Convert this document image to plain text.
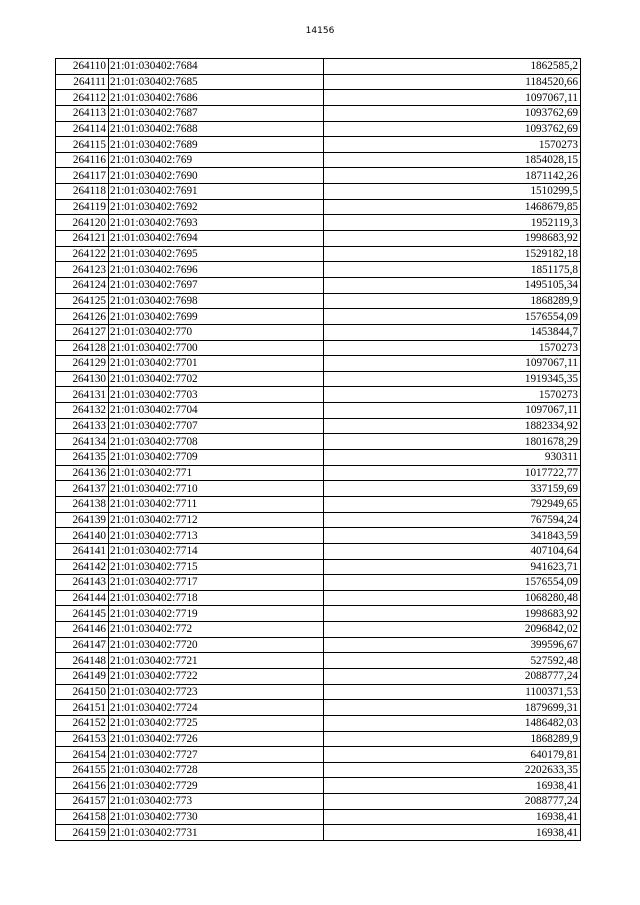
14156
264110	21:01:030402:7684	1862585,2
264111	21:01:030402:7685	1184520,66
264112	21:01:030402:7686	1097067,11
264113	21:01:030402:7687	1093762,69
264114	21:01:030402:7688	1093762,69
264115	21:01:030402:7689	1570273
264116	21:01:030402:769	1854028,15
264117	21:01:030402:7690	1871142,26
264118	21:01:030402:7691	1510299,5
264119	21:01:030402:7692	1468679,85
264120	21:01:030402:7693	1952119,3
264121	21:01:030402:7694	1998683,92
264122	21:01:030402:7695	1529182,18
264123	21:01:030402:7696	1851175,8
264124	21:01:030402:7697	1495105,34
264125	21:01:030402:7698	1868289,9
264126	21:01:030402:7699	1576554,09
264127	21:01:030402:770	1453844,7
264128	21:01:030402:7700	1570273
264129	21:01:030402:7701	1097067,11
264130	21:01:030402:7702	1919345,35
264131	21:01:030402:7703	1570273
264132	21:01:030402:7704	1097067,11
264133	21:01:030402:7707	1882334,92
264134	21:01:030402:7708	1801678,29
264135	21:01:030402:7709	930311
264136	21:01:030402:771	1017722,77
264137	21:01:030402:7710	337159,69
264138	21:01:030402:7711	792949,65
264139	21:01:030402:7712	767594,24
264140	21:01:030402:7713	341843,59
264141	21:01:030402:7714	407104,64
264142	21:01:030402:7715	941623,71
264143	21:01:030402:7717	1576554,09
264144	21:01:030402:7718	1068280,48
264145	21:01:030402:7719	1998683,92
264146	21:01:030402:772	2096842,02
264147	21:01:030402:7720	399596,67
264148	21:01:030402:7721	527592,48
264149	21:01:030402:7722	2088777,24
264150	21:01:030402:7723	1100371,53
264151	21:01:030402:7724	1879699,31
264152	21:01:030402:7725	1486482,03
264153	21:01:030402:7726	1868289,9
264154	21:01:030402:7727	640179,81
264155	21:01:030402:7728	2202633,35
264156	21:01:030402:7729	16938,41
264157	21:01:030402:773	2088777,24
264158	21:01:030402:7730	16938,41
264159	21:01:030402:7731	16938,41
